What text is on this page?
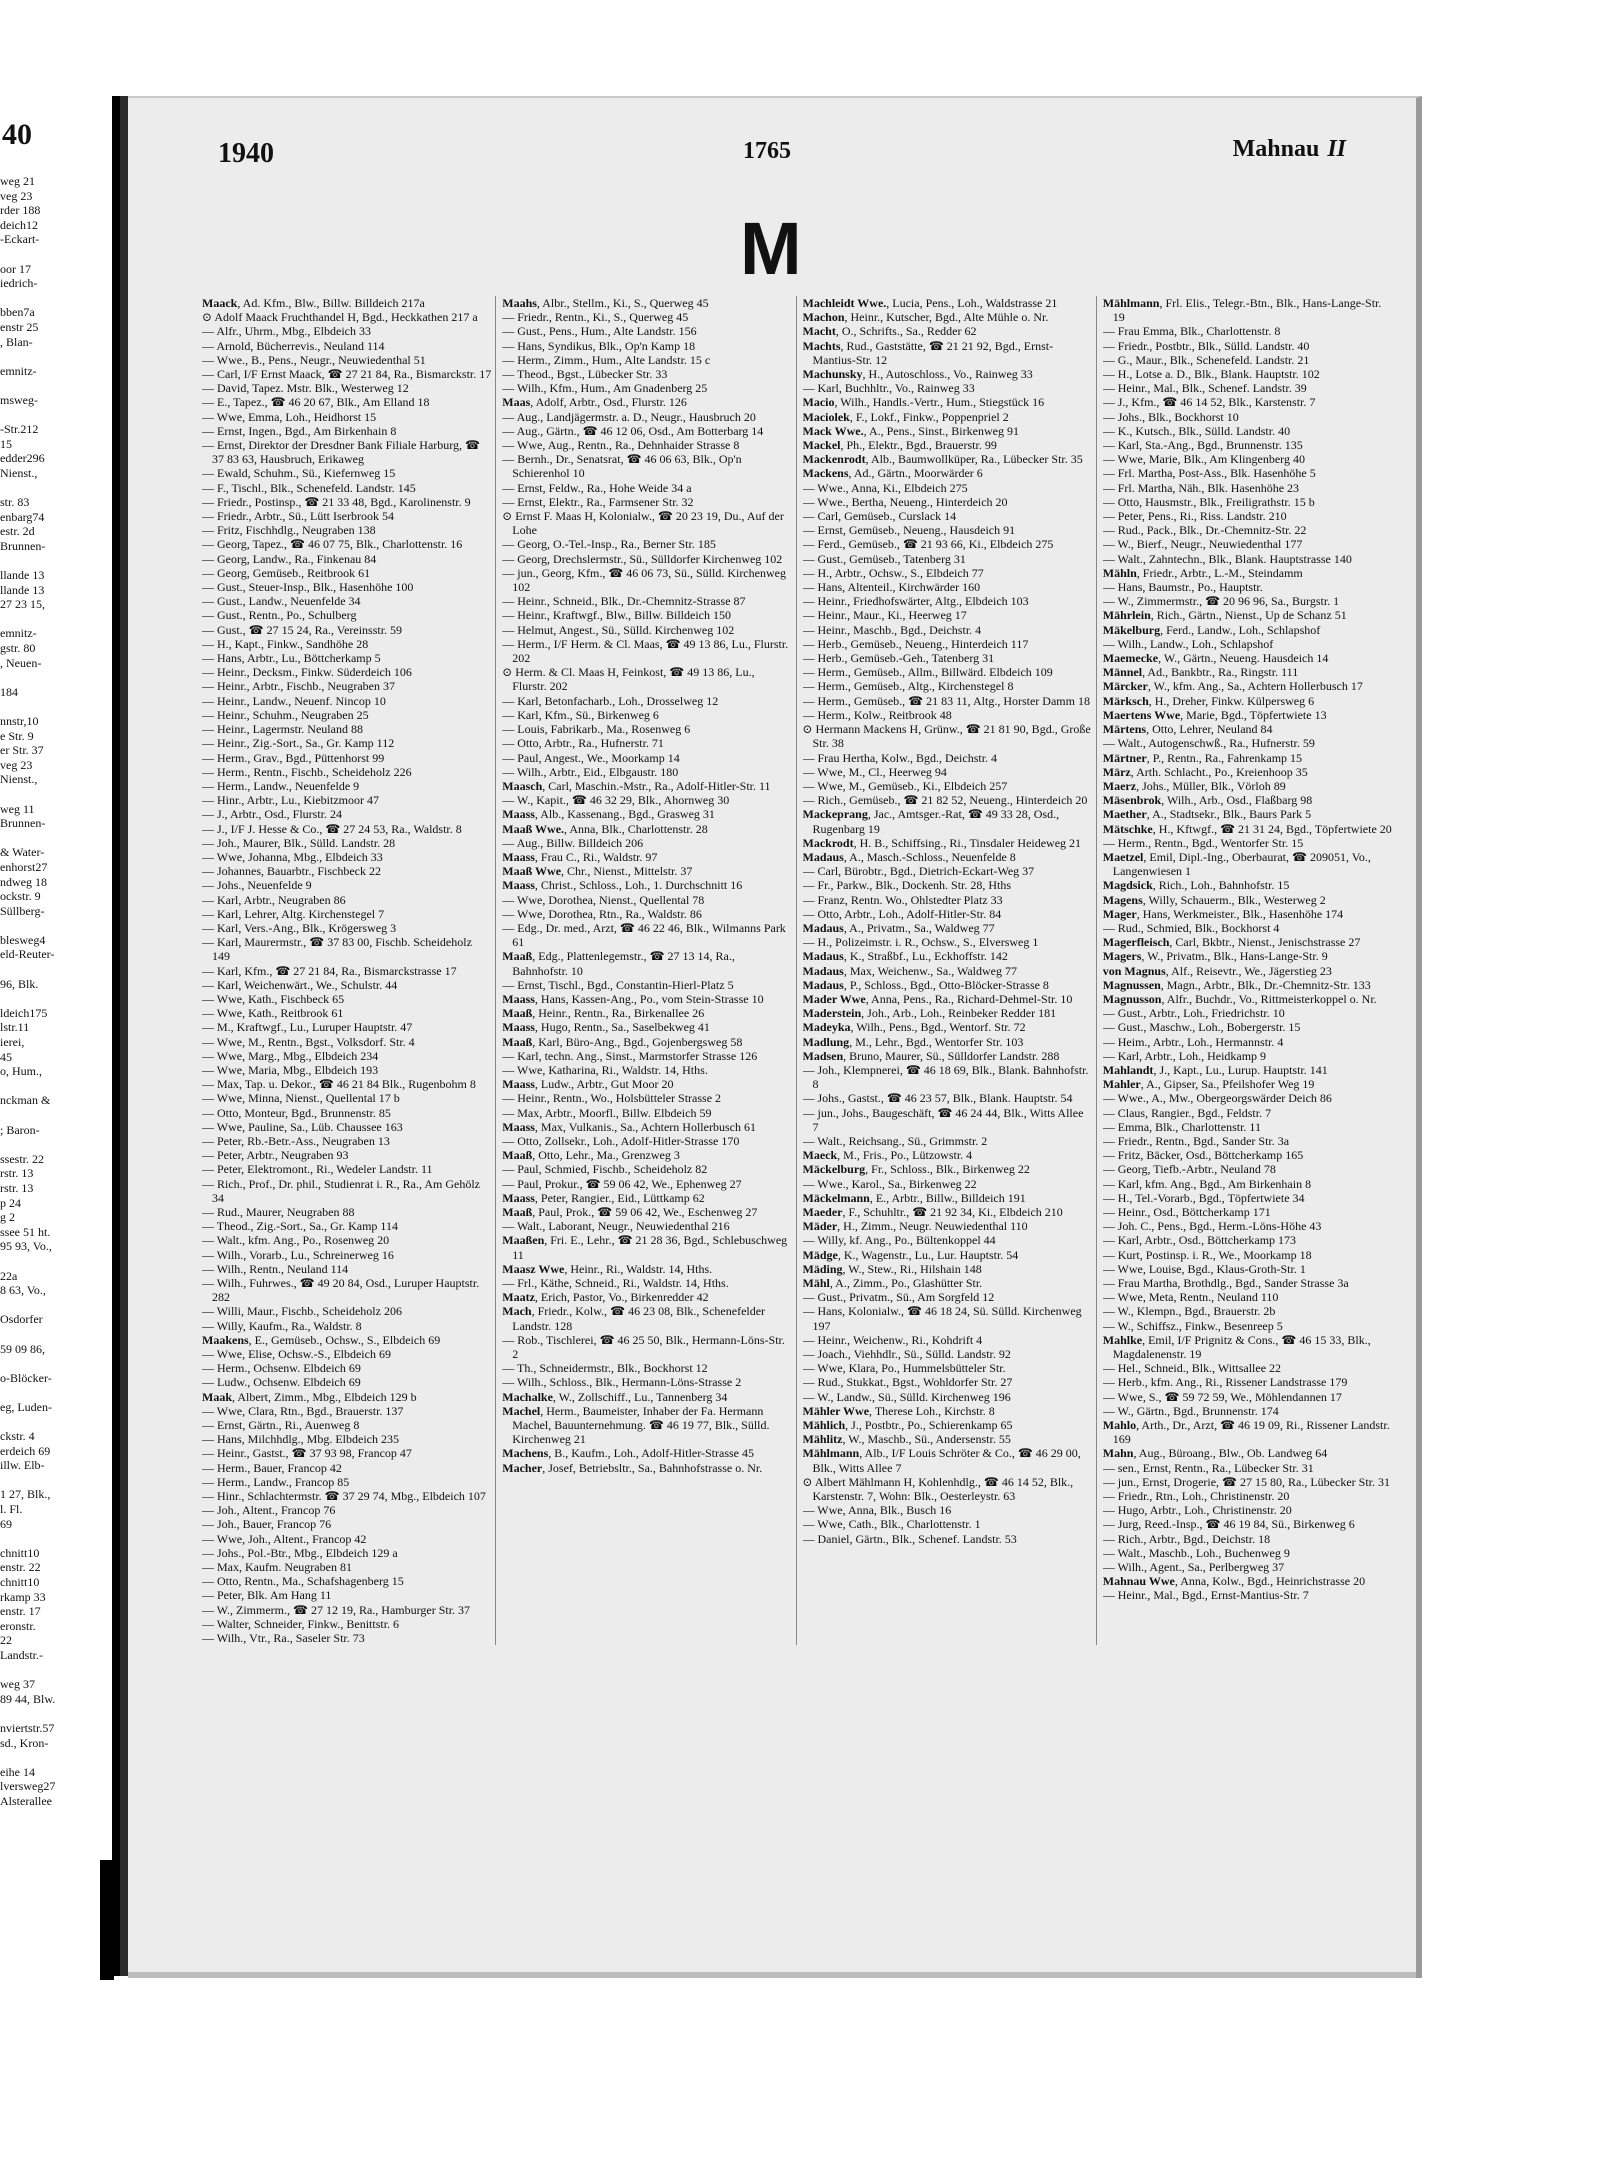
40
weg 21
veg 23
rder 188
deich12
-Eckart-

oor 17
iedrich-

bben7a
enstr 25
, Blan-

emnitz-

msweg-

-Str.212
15
edder296
Nienst.,

str. 83
enbarg74
estr. 2d
Brunnen-

llande 13
llande 13
27 23 15,

emnitz-
gstr. 80
, Neuen-

184

nnstr,10
e Str. 9
er Str. 37
veg 23
Nienst.,

weg 11
Brunnen-

& Water-
enhorst27
ndweg 18
ockstr. 9
Süllberg-

blesweg4
eld-Reuter-

96, Blk.

ldeich175
lstr.11
ierei,
45
o, Hum.,

nckman &

; Baron-

ssestr. 22
rstr. 13
rstr. 13
p 24
g 2
ssee 51 ht.
95 93, Vo.,

22a
8 63, Vo.,

Osdorfer

59 09 86,

o-Blöcker-

eg, Luden-

ckstr. 4
erdeich 69
illw. Elb-

1 27, Blk.,
l. Fl.
69

chnitt10
enstr. 22
chnitt10
rkamp 33
enstr. 17
eronstr.
22
Landstr.-

weg 37
89 44, Blw.

nviertstr.57
sd., Kron-

eihe 14
lversweg27
Alsterallee
1940	1765	Mahnau II
M

Maack, Ad. Kfm., Blw., Billw. Billdeich 217a

⊙ Adolf Maack Fruchthandel H, Bgd., Heckkathen 217 a

— Alfr., Uhrm., Mbg., Elbdeich 33

— Arnold, Bücherrevis., Neuland 114

— Wwe., B., Pens., Neugr., Neuwiedenthal 51

— Carl, I/F Ernst Maack, ☎ 27 21 84, Ra., Bismarckstr. 17

— David, Tapez. Mstr. Blk., Westerweg 12

— E., Tapez., ☎ 46 20 67, Blk., Am Elland 18

— Wwe, Emma, Loh., Heidhorst 15

— Ernst, Ingen., Bgd., Am Birkenhain 8

— Ernst, Direktor der Dresdner Bank Filiale Harburg, ☎ 37 83 63, Hausbruch, Erikaweg

— Ewald, Schuhm., Sü., Kiefernweg 15

— F., Tischl., Blk., Schenefeld. Landstr. 145

— Friedr., Postinsp., ☎ 21 33 48, Bgd., Karolinenstr. 9

— Friedr., Arbtr., Sü., Lütt Iserbrook 54

— Fritz, Fischhdlg., Neugraben 138

— Georg, Tapez., ☎ 46 07 75, Blk., Charlottenstr. 16

— Georg, Landw., Ra., Finkenau 84

— Georg, Gemüseb., Reitbrook 61

— Gust., Steuer-Insp., Blk., Hasenhöhe 100

— Gust., Landw., Neuenfelde 34

— Gust., Rentn., Po., Schulberg

— Gust., ☎ 27 15 24, Ra., Vereinsstr. 59

— H., Kapt., Finkw., Sandhöhe 28

— Hans, Arbtr., Lu., Böttcherkamp 5

— Heinr., Decksm., Finkw. Süderdeich 106

— Heinr., Arbtr., Fischb., Neugraben 37

— Heinr., Landw., Neuenf. Nincop 10

— Heinr., Schuhm., Neugraben 25

— Heinr., Lagermstr. Neuland 88

— Heinr., Zig.-Sort., Sa., Gr. Kamp 112

— Herm., Grav., Bgd., Püttenhorst 99

— Herm., Rentn., Fischb., Scheideholz 226

— Herm., Landw., Neuenfelde 9

— Hinr., Arbtr., Lu., Kiebitzmoor 47

— J., Arbtr., Osd., Flurstr. 24

— J., I/F J. Hesse & Co., ☎ 27 24 53, Ra., Waldstr. 8

— Joh., Maurer, Blk., Sülld. Landstr. 28

— Wwe, Johanna, Mbg., Elbdeich 33

— Johannes, Bauarbtr., Fischbeck 22

— Johs., Neuenfelde 9

— Karl, Arbtr., Neugraben 86

— Karl, Lehrer, Altg. Kirchenstegel 7

— Karl, Vers.-Ang., Blk., Krögersweg 3

— Karl, Maurermstr., ☎ 37 83 00, Fischb. Scheideholz 149

— Karl, Kfm., ☎ 27 21 84, Ra., Bismarckstrasse 17

— Karl, Weichenwärt., We., Schulstr. 44

— Wwe, Kath., Fischbeck 65

— Wwe, Kath., Reitbrook 61

— M., Kraftwgf., Lu., Luruper Hauptstr. 47

— Wwe, M., Rentn., Bgst., Volksdorf. Str. 4

— Wwe, Marg., Mbg., Elbdeich 234

— Wwe, Maria, Mbg., Elbdeich 193

— Max, Tap. u. Dekor., ☎ 46 21 84 Blk., Rugenbohm 8

— Wwe, Minna, Nienst., Quellental 17 b

— Otto, Monteur, Bgd., Brunnenstr. 85

— Wwe, Pauline, Sa., Lüb. Chaussee 163

— Peter, Rb.-Betr.-Ass., Neugraben 13

— Peter, Arbtr., Neugraben 93

— Peter, Elektromont., Ri., Wedeler Landstr. 11

— Rich., Prof., Dr. phil., Studienrat i. R., Ra., Am Gehölz 34

— Rud., Maurer, Neugraben 88

— Theod., Zig.-Sort., Sa., Gr. Kamp 114

— Walt., kfm. Ang., Po., Rosenweg 20

— Wilh., Vorarb., Lu., Schreinerweg 16

— Wilh., Rentn., Neuland 114

— Wilh., Fuhrwes., ☎ 49 20 84, Osd., Luruper Hauptstr. 282

— Willi, Maur., Fischb., Scheideholz 206

— Willy, Kaufm., Ra., Waldstr. 8

Maakens, E., Gemüseb., Ochsw., S., Elbdeich 69

— Wwe, Elise, Ochsw.-S., Elbdeich 69

— Herm., Ochsenw. Elbdeich 69

— Ludw., Ochsenw. Elbdeich 69

Maak, Albert, Zimm., Mbg., Elbdeich 129 b

— Wwe, Clara, Rtn., Bgd., Brauerstr. 137

— Ernst, Gärtn., Ri., Auenweg 8

— Hans, Milchhdlg., Mbg. Elbdeich 235

— Heinr., Gastst., ☎ 37 93 98, Francop 47

— Herm., Bauer, Francop 42

— Herm., Landw., Francop 85

— Hinr., Schlachtermstr. ☎ 37 29 74, Mbg., Elbdeich 107

— Joh., Altent., Francop 76

— Joh., Bauer, Francop 76

— Wwe, Joh., Altent., Francop 42

— Johs., Pol.-Btr., Mbg., Elbdeich 129 a

— Max, Kaufm. Neugraben 81

— Otto, Rentn., Ma., Schafshagenberg 15

— Peter, Blk. Am Hang 11

— W., Zimmerm., ☎ 27 12 19, Ra., Hamburger Str. 37

— Walter, Schneider, Finkw., Benittstr. 6

— Wilh., Vtr., Ra., Saseler Str. 73

Maahs, Albr., Stellm., Ki., S., Querweg 45

— Friedr., Rentn., Ki., S., Querweg 45

— Gust., Pens., Hum., Alte Landstr. 156

— Hans, Syndikus, Blk., Op'n Kamp 18

— Herm., Zimm., Hum., Alte Landstr. 15 c

— Theod., Bgst., Lübecker Str. 33

— Wilh., Kfm., Hum., Am Gnadenberg 25

Maas, Adolf, Arbtr., Osd., Flurstr. 126

— Aug., Landjägermstr. a. D., Neugr., Hausbruch 20

— Aug., Gärtn., ☎ 46 12 06, Osd., Am Botterbarg 14

— Wwe, Aug., Rentn., Ra., Dehnhaider Strasse 8

— Bernh., Dr., Senatsrat, ☎ 46 06 63, Blk., Op'n Schierenhol 10

— Ernst, Feldw., Ra., Hohe Weide 34 a

— Ernst, Elektr., Ra., Farmsener Str. 32

⊙ Ernst F. Maas H, Kolonialw., ☎ 20 23 19, Du., Auf der Lohe

— Georg, O.-Tel.-Insp., Ra., Berner Str. 185

— Georg, Drechslermstr., Sü., Sülldorfer Kirchenweg 102

— jun., Georg, Kfm., ☎ 46 06 73, Sü., Sülld. Kirchenweg 102

— Heinr., Schneid., Blk., Dr.-Chemnitz-Strasse 87

— Heinr., Kraftwgf., Blw., Billw. Billdeich 150

— Helmut, Angest., Sü., Sülld. Kirchenweg 102

— Herm., I/F Herm. & Cl. Maas, ☎ 49 13 86, Lu., Flurstr. 202

⊙ Herm. & Cl. Maas H, Feinkost, ☎ 49 13 86, Lu., Flurstr. 202

— Karl, Betonfacharb., Loh., Drosselweg 12

— Karl, Kfm., Sü., Birkenweg 6

— Louis, Fabrikarb., Ma., Rosenweg 6

— Otto, Arbtr., Ra., Hufnerstr. 71

— Paul, Angest., We., Moorkamp 14

— Wilh., Arbtr., Eid., Elbgaustr. 180

Maasch, Carl, Maschin.-Mstr., Ra., Adolf-Hitler-Str. 11

— W., Kapit., ☎ 46 32 29, Blk., Ahornweg 30

Maass, Alb., Kassenang., Bgd., Grasweg 31

Maaß Wwe., Anna, Blk., Charlottenstr. 28

— Aug., Billw. Billdeich 206

Maass, Frau C., Ri., Waldstr. 97

Maaß Wwe, Chr., Nienst., Mittelstr. 37

Maass, Christ., Schloss., Loh., 1. Durchschnitt 16

— Wwe, Dorothea, Nienst., Quellental 78

— Wwe, Dorothea, Rtn., Ra., Waldstr. 86

— Edg., Dr. med., Arzt, ☎ 46 22 46, Blk., Wilmanns Park 61

Maaß, Edg., Plattenlegemstr., ☎ 27 13 14, Ra., Bahnhofstr. 10

— Ernst, Tischl., Bgd., Constantin-Hierl-Platz 5

Maass, Hans, Kassen-Ang., Po., vom Stein-Strasse 10

Maaß, Heinr., Rentn., Ra., Birkenallee 26

Maass, Hugo, Rentn., Sa., Saselbekweg 41

Maaß, Karl, Büro-Ang., Bgd., Gojenbergsweg 58

— Karl, techn. Ang., Sinst., Marmstorfer Strasse 126

— Wwe, Katharina, Ri., Waldstr. 14, Hths.

Maass, Ludw., Arbtr., Gut Moor 20

— Heinr., Rentn., Wo., Holsbütteler Strasse 2

— Max, Arbtr., Moorfl., Billw. Elbdeich 59

Maass, Max, Vulkanis., Sa., Achtern Hollerbusch 61

— Otto, Zollsekr., Loh., Adolf-Hitler-Strasse 170

Maaß, Otto, Lehr., Ma., Grenzweg 3

— Paul, Schmied, Fischb., Scheideholz 82

— Paul, Prokur., ☎ 59 06 42, We., Ephenweg 27

Maass, Peter, Rangier., Eid., Lüttkamp 62

Maaß, Paul, Prok., ☎ 59 06 42, We., Eschenweg 27

— Walt., Laborant, Neugr., Neuwiedenthal 216

Maaßen, Fri. E., Lehr., ☎ 21 28 36, Bgd., Schlebuschweg 11

Maasz Wwe, Heinr., Ri., Waldstr. 14, Hths.

— Frl., Käthe, Schneid., Ri., Waldstr. 14, Hths.

Maatz, Erich, Pastor, Vo., Birkenredder 42

Mach, Friedr., Kolw., ☎ 46 23 08, Blk., Schenefelder Landstr. 128

— Rob., Tischlerei, ☎ 46 25 50, Blk., Hermann-Löns-Str. 2

— Th., Schneidermstr., Blk., Bockhorst 12

— Wilh., Schloss., Blk., Hermann-Löns-Strasse 2

Machalke, W., Zollschiff., Lu., Tannenberg 34

Machel, Herm., Baumeister, Inhaber der Fa. Hermann Machel, Bauunternehmung. ☎ 46 19 77, Blk., Sülld. Kirchenweg 21

Machens, B., Kaufm., Loh., Adolf-Hitler-Strasse 45

Macher, Josef, Betriebsltr., Sa., Bahnhofstrasse o. Nr.

Machleidt Wwe., Lucia, Pens., Loh., Waldstrasse 21

Machon, Heinr., Kutscher, Bgd., Alte Mühle o. Nr.

Macht, O., Schrifts., Sa., Redder 62

Machts, Rud., Gaststätte, ☎ 21 21 92, Bgd., Ernst-Mantius-Str. 12

Machunsky, H., Autoschloss., Vo., Rainweg 33

— Karl, Buchhltr., Vo., Rainweg 33

Macio, Wilh., Handls.-Vertr., Hum., Stiegstück 16

Maciolek, F., Lokf., Finkw., Poppenpriel 2

Mack Wwe., A., Pens., Sinst., Birkenweg 91

Mackel, Ph., Elektr., Bgd., Brauerstr. 99

Mackenrodt, Alb., Baumwollküper, Ra., Lübecker Str. 35

Mackens, Ad., Gärtn., Moorwärder 6

— Wwe., Anna, Ki., Elbdeich 275

— Wwe., Bertha, Neueng., Hinterdeich 20

— Carl, Gemüseb., Curslack 14

— Ernst, Gemüseb., Neueng., Hausdeich 91

— Ferd., Gemüseb., ☎ 21 93 66, Ki., Elbdeich 275

— Gust., Gemüseb., Tatenberg 31

— H., Arbtr., Ochsw., S., Elbdeich 77

— Hans, Altenteil., Kirchwärder 160

— Heinr., Friedhofswärter, Altg., Elbdeich 103

— Heinr., Maur., Ki., Heerweg 17

— Heinr., Maschb., Bgd., Deichstr. 4

— Herb., Gemüseb., Neueng., Hinterdeich 117

— Herb., Gemüseb.-Geh., Tatenberg 31

— Herm., Gemüseb., Allm., Billwärd. Elbdeich 109

— Herm., Gemüseb., Altg., Kirchenstegel 8

— Herm., Gemüseb., ☎ 21 83 11, Altg., Horster Damm 18

— Herm., Kolw., Reitbrook 48

⊙ Hermann Mackens H, Grünw., ☎ 21 81 90, Bgd., Große Str. 38

— Frau Hertha, Kolw., Bgd., Deichstr. 4

— Wwe, M., Cl., Heerweg 94

— Wwe, M., Gemüseb., Ki., Elbdeich 257

— Rich., Gemüseb., ☎ 21 82 52, Neueng., Hinterdeich 20

Mackeprang, Jac., Amtsger.-Rat, ☎ 49 33 28, Osd., Rugenbarg 19

Mackrodt, H. B., Schiffsing., Ri., Tinsdaler Heideweg 21

Madaus, A., Masch.-Schloss., Neuenfelde 8

— Carl, Bürobtr., Bgd., Dietrich-Eckart-Weg 37

— Fr., Parkw., Blk., Dockenh. Str. 28, Hths

— Franz, Rentn. Wo., Ohlstedter Platz 33

— Otto, Arbtr., Loh., Adolf-Hitler-Str. 84

Madaus, A., Privatm., Sa., Waldweg 77

— H., Polizeimstr. i. R., Ochsw., S., Elversweg 1

Madaus, K., Straßbf., Lu., Eckhoffstr. 142

Madaus, Max, Weichenw., Sa., Waldweg 77

Madaus, P., Schloss., Bgd., Otto-Blöcker-Strasse 8

Mader Wwe, Anna, Pens., Ra., Richard-Dehmel-Str. 10

Maderstein, Joh., Arb., Loh., Reinbeker Redder 181

Madeyka, Wilh., Pens., Bgd., Wentorf. Str. 72

Madlung, M., Lehr., Bgd., Wentorfer Str. 103

Madsen, Bruno, Maurer, Sü., Sülldorfer Landstr. 288

— Joh., Klempnerei, ☎ 46 18 69, Blk., Blank. Bahnhofstr. 8

— Johs., Gastst., ☎ 46 23 57, Blk., Blank. Hauptstr. 54

— jun., Johs., Baugeschäft, ☎ 46 24 44, Blk., Witts Allee 7

— Walt., Reichsang., Sü., Grimmstr. 2

Maeck, M., Fris., Po., Lützowstr. 4

Mäckelburg, Fr., Schloss., Blk., Birkenweg 22

— Wwe., Karol., Sa., Birkenweg 22

Mäckelmann, E., Arbtr., Billw., Billdeich 191

Maeder, F., Schuhltr., ☎ 21 92 34, Ki., Elbdeich 210

Mäder, H., Zimm., Neugr. Neuwiedenthal 110

— Willy, kf. Ang., Po., Bültenkoppel 44

Mädge, K., Wagenstr., Lu., Lur. Hauptstr. 54

Mäding, W., Stew., Ri., Hilshain 148

Mähl, A., Zimm., Po., Glashütter Str.

— Gust., Privatm., Sü., Am Sorgfeld 12

— Hans, Kolonialw., ☎ 46 18 24, Sü. Sülld. Kirchenweg 197

— Heinr., Weichenw., Ri., Kohdrift 4

— Joach., Viehhdlr., Sü., Sülld. Landstr. 92

— Wwe, Klara, Po., Hummelsbütteler Str.

— Rud., Stukkat., Bgst., Wohldorfer Str. 27

— W., Landw., Sü., Sülld. Kirchenweg 196

Mähler Wwe, Therese Loh., Kirchstr. 8

Mählich, J., Postbtr., Po., Schierenkamp 65

Mählitz, W., Maschb., Sü., Andersenstr. 55

Mählmann, Alb., I/F Louis Schröter & Co., ☎ 46 29 00, Blk., Witts Allee 7

⊙ Albert Mählmann H, Kohlenhdlg., ☎ 46 14 52, Blk., Karstenstr. 7, Wohn: Blk., Oesterleystr. 63

— Wwe, Anna, Blk., Busch 16

— Wwe, Cath., Blk., Charlottenstr. 1

— Daniel, Gärtn., Blk., Schenef. Landstr. 53

Mählmann, Frl. Elis., Telegr.-Btn., Blk., Hans-Lange-Str. 19

— Frau Emma, Blk., Charlottenstr. 8

— Friedr., Postbtr., Blk., Sülld. Landstr. 40

— G., Maur., Blk., Schenefeld. Landstr. 21

— H., Lotse a. D., Blk., Blank. Hauptstr. 102

— Heinr., Mal., Blk., Schenef. Landstr. 39

— J., Kfm., ☎ 46 14 52, Blk., Karstenstr. 7

— Johs., Blk., Bockhorst 10

— K., Kutsch., Blk., Sülld. Landstr. 40

— Karl, Sta.-Ang., Bgd., Brunnenstr. 135

— Wwe, Marie, Blk., Am Klingenberg 40

— Frl. Martha, Post-Ass., Blk. Hasenhöhe 5

— Frl. Martha, Näh., Blk. Hasenhöhe 23

— Otto, Hausmstr., Blk., Freiligrathstr. 15 b

— Peter, Pens., Ri., Riss. Landstr. 210

— Rud., Pack., Blk., Dr.-Chemnitz-Str. 22

— W., Bierf., Neugr., Neuwiedenthal 177

— Walt., Zahntechn., Blk., Blank. Hauptstrasse 140

Mähln, Friedr., Arbtr., L.-M., Steindamm

— Hans, Baumstr., Po., Hauptstr.

— W., Zimmermstr., ☎ 20 96 96, Sa., Burgstr. 1

Mährlein, Rich., Gärtn., Nienst., Up de Schanz 51

Mäkelburg, Ferd., Landw., Loh., Schlapshof

— Wilh., Landw., Loh., Schlapshof

Maemecke, W., Gärtn., Neueng. Hausdeich 14

Männel, Ad., Bankbtr., Ra., Ringstr. 111

Märcker, W., kfm. Ang., Sa., Achtern Hollerbusch 17

Märksch, H., Dreher, Finkw. Külpersweg 6

Maertens Wwe, Marie, Bgd., Töpfertwiete 13

Märtens, Otto, Lehrer, Neuland 84

— Walt., Autogenschwß., Ra., Hufnerstr. 59

Märtner, P., Rentn., Ra., Fahrenkamp 15

März, Arth. Schlacht., Po., Kreienhoop 35

Maerz, Johs., Müller, Blk., Vörloh 89

Mäsenbrok, Wilh., Arb., Osd., Flaßbarg 98

Maether, A., Stadtsekr., Blk., Baurs Park 5

Mätschke, H., Kftwgf., ☎ 21 31 24, Bgd., Töpfertwiete 20

— Herm., Rentn., Bgd., Wentorfer Str. 15

Maetzel, Emil, Dipl.-Ing., Oberbaurat, ☎ 209051, Vo., Langenwiesen 1

Magdsick, Rich., Loh., Bahnhofstr. 15

Magens, Willy, Schauerm., Blk., Westerweg 2

Mager, Hans, Werkmeister., Blk., Hasenhöhe 174

— Rud., Schmied, Blk., Bockhorst 4

Magerfleisch, Carl, Bkbtr., Nienst., Jenischstrasse 27

Magers, W., Privatm., Blk., Hans-Lange-Str. 9

von Magnus, Alf., Reisevtr., We., Jägerstieg 23

Magnussen, Magn., Arbtr., Blk., Dr.-Chemnitz-Str. 133

Magnusson, Alfr., Buchdr., Vo., Rittmeisterkoppel o. Nr.

— Gust., Arbtr., Loh., Friedrichstr. 10

— Gust., Maschw., Loh., Bobergerstr. 15

— Heim., Arbtr., Loh., Hermannstr. 4

— Karl, Arbtr., Loh., Heidkamp 9

Mahlandt, J., Kapt., Lu., Lurup. Hauptstr. 141

Mahler, A., Gipser, Sa., Pfeilshofer Weg 19

— Wwe., A., Mw., Obergeorgswärder Deich 86

— Claus, Rangier., Bgd., Feldstr. 7

— Emma, Blk., Charlottenstr. 11

— Friedr., Rentn., Bgd., Sander Str. 3a

— Fritz, Bäcker, Osd., Böttcherkamp 165

— Georg, Tiefb.-Arbtr., Neuland 78

— Karl, kfm. Ang., Bgd., Am Birkenhain 8

— H., Tel.-Vorarb., Bgd., Töpfertwiete 34

— Heinr., Osd., Böttcherkamp 171

— Joh. C., Pens., Bgd., Herm.-Löns-Höhe 43

— Karl, Arbtr., Osd., Böttcherkamp 173

— Kurt, Postinsp. i. R., We., Moorkamp 18

— Wwe, Louise, Bgd., Klaus-Groth-Str. 1

— Frau Martha, Brothdlg., Bgd., Sander Strasse 3a

— Wwe, Meta, Rentn., Neuland 110

— W., Klempn., Bgd., Brauerstr. 2b

— W., Schiffsz., Finkw., Besenreep 5

Mahlke, Emil, I/F Prignitz & Cons., ☎ 46 15 33, Blk., Magdalenenstr. 19

— Hel., Schneid., Blk., Wittsallee 22

— Herb., kfm. Ang., Ri., Rissener Landstrasse 179

— Wwe, S., ☎ 59 72 59, We., Möhlendannen 17

— W., Gärtn., Bgd., Brunnenstr. 174

Mahlo, Arth., Dr., Arzt, ☎ 46 19 09, Ri., Rissener Landstr. 169

Mahn, Aug., Büroang., Blw., Ob. Landweg 64

— sen., Ernst, Rentn., Ra., Lübecker Str. 31

— jun., Ernst, Drogerie, ☎ 27 15 80, Ra., Lübecker Str. 31

— Friedr., Rtn., Loh., Christinenstr. 20

— Hugo, Arbtr., Loh., Christinenstr. 20

— Jurg, Reed.-Insp., ☎ 46 19 84, Sü., Birkenweg 6

— Rich., Arbtr., Bgd., Deichstr. 18

— Walt., Maschb., Loh., Buchenweg 9

— Wilh., Agent., Sa., Perlbergweg 37

Mahnau Wwe, Anna, Kolw., Bgd., Heinrichstrasse 20

— Heinr., Mal., Bgd., Ernst-Mantius-Str. 7
